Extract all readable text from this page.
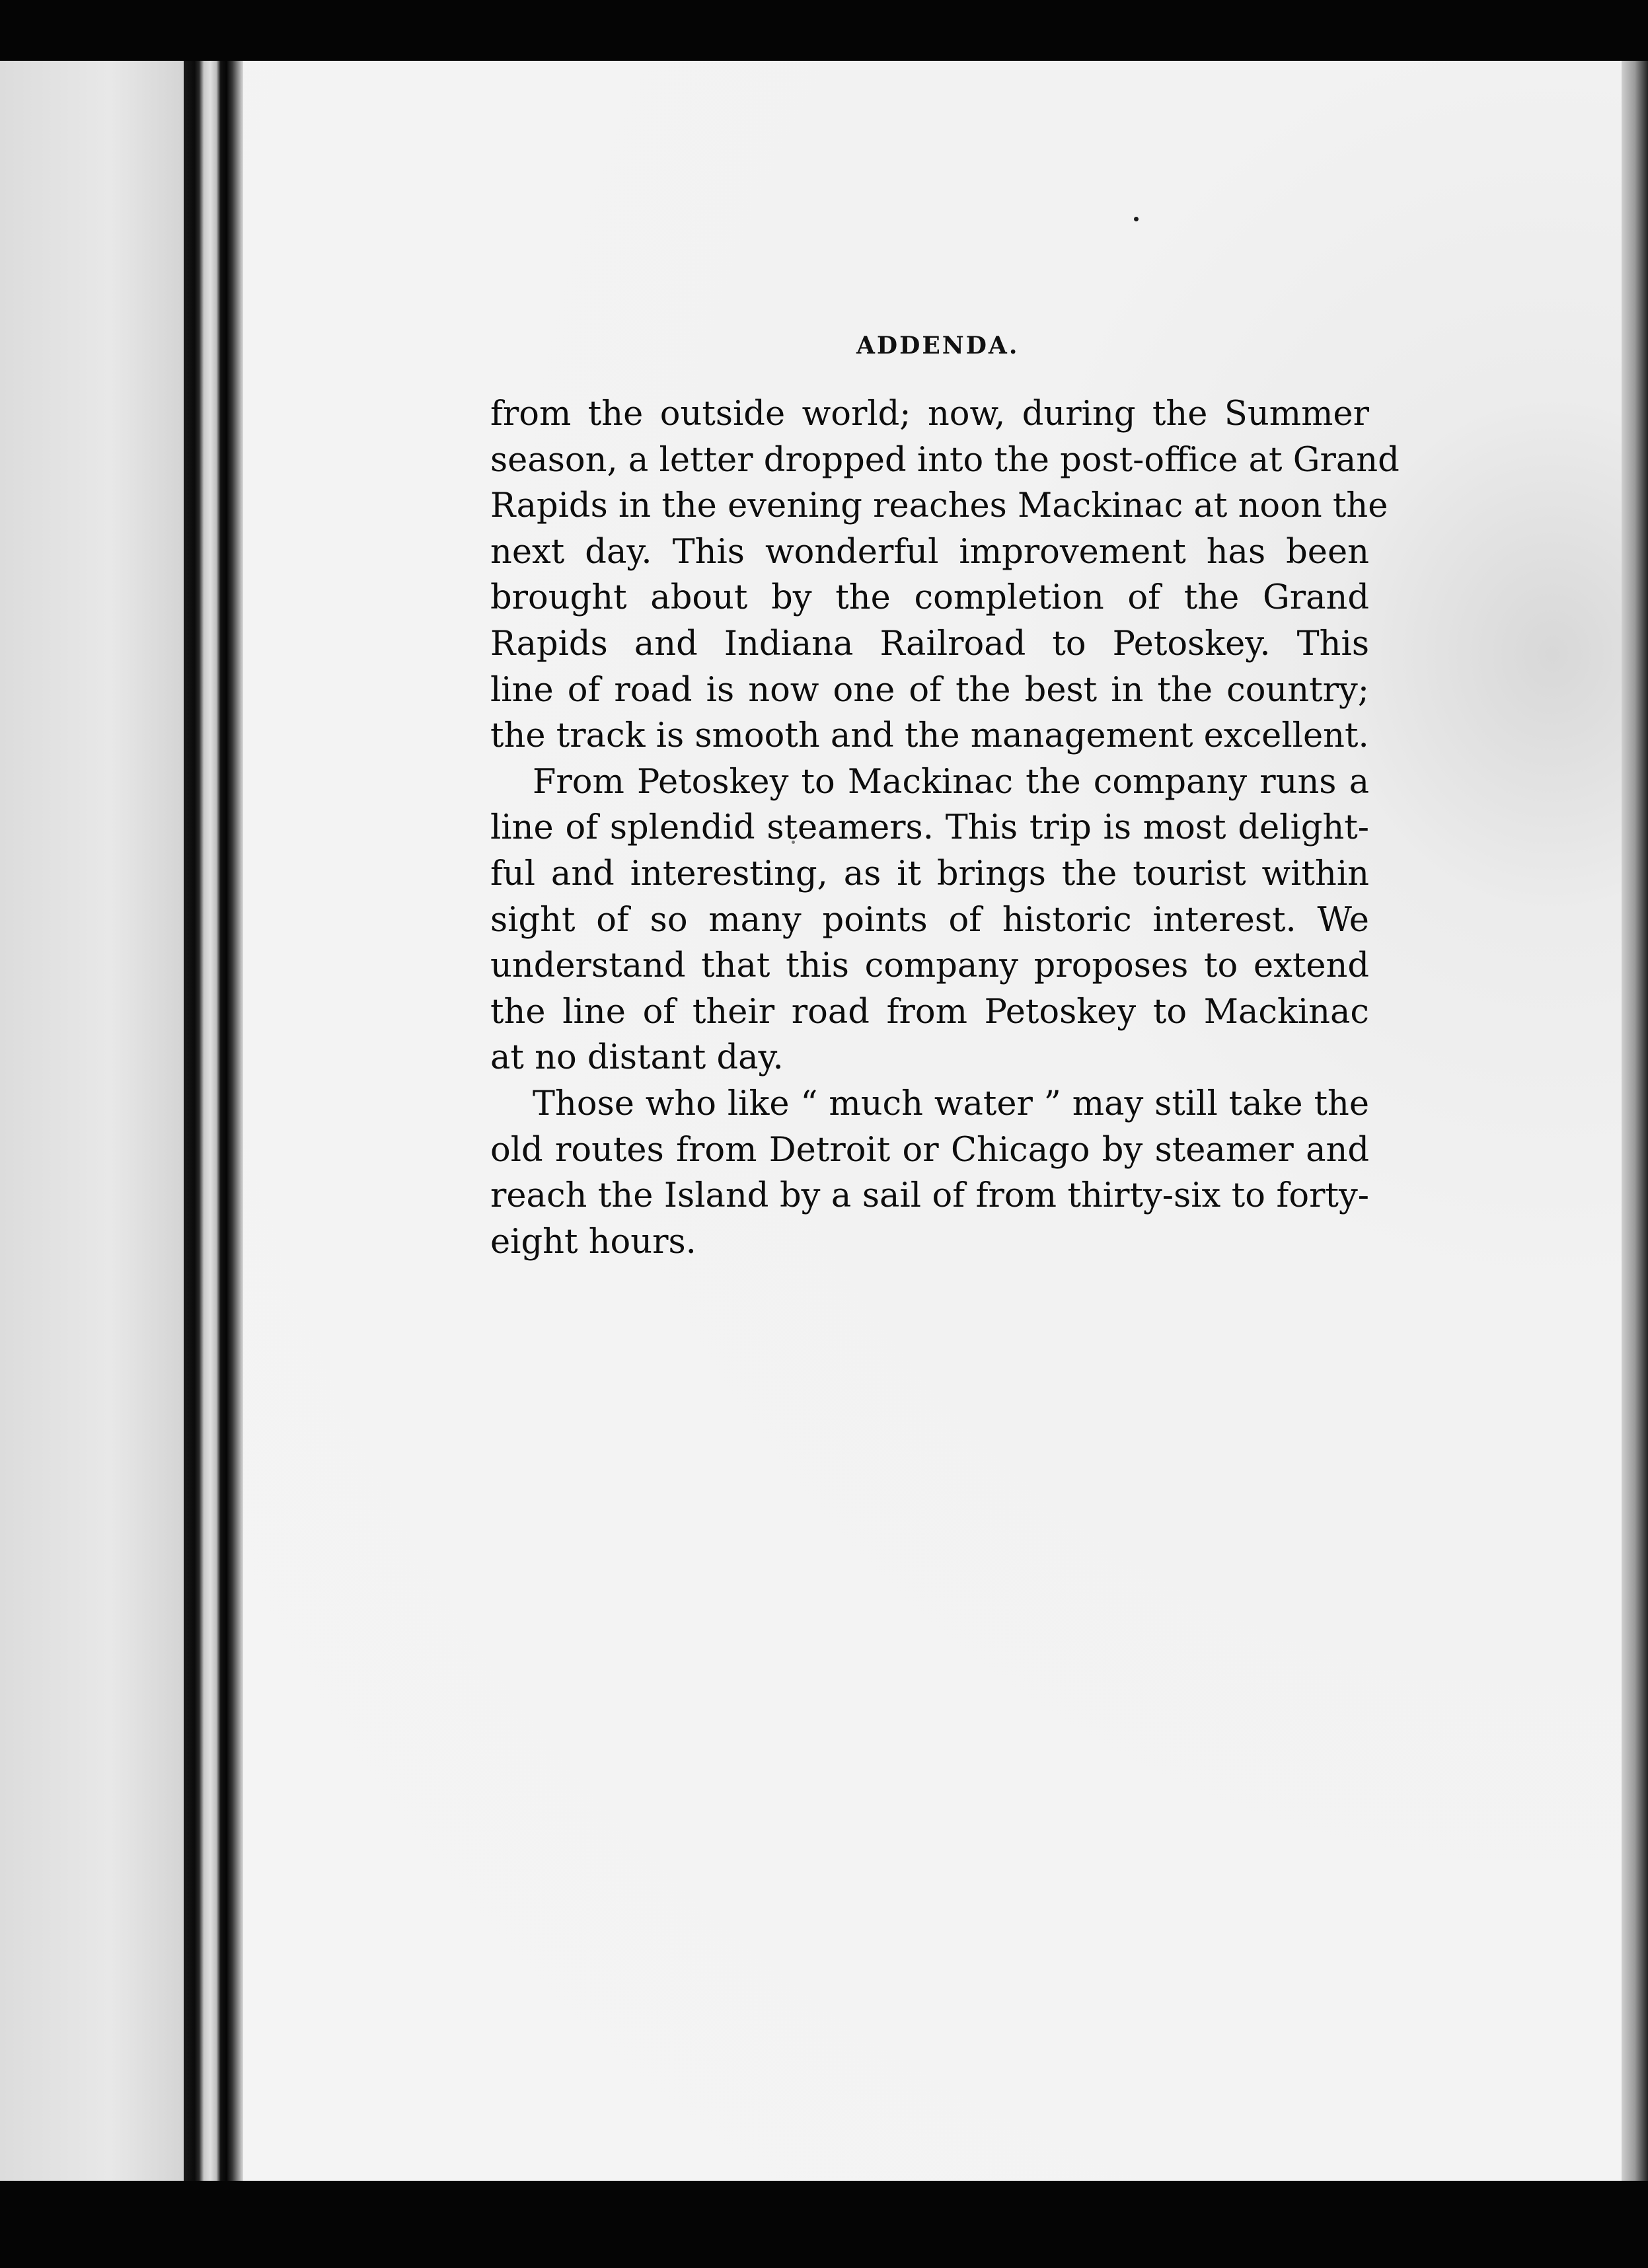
ADDENDA.
from the outside world; now, during the Summer
season, a letter dropped into the post-office at Grand
Rapids in the evening reaches Mackinac at noon the
next day. This wonderful improvement has been
brought about by the completion of the Grand
Rapids and Indiana Railroad to Petoskey. This
line of road is now one of the best in the country;
the track is smooth and the management excellent.
From Petoskey to Mackinac the company runs a
line of splendid steamers. This trip is most delight-
ful and interesting, as it brings the tourist within
sight of so many points of historic interest. We
understand that this company proposes to extend
the line of their road from Petoskey to Mackinac
at no distant day.
Those who like “ much water ” may still take the
old routes from Detroit or Chicago by steamer and
reach the Island by a sail of from thirty-six to forty-
eight hours.
